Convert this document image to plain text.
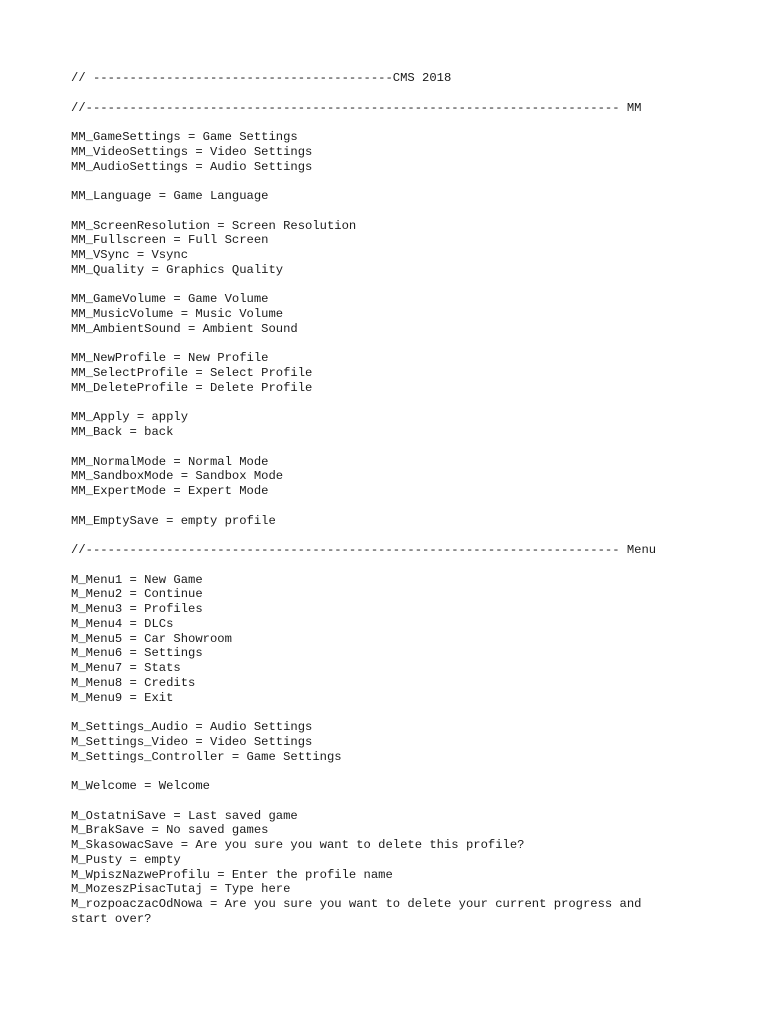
// -----------------------------------------CMS 2018
//------------------------------------------------------------------------- MM
MM_GameSettings = Game Settings
MM_VideoSettings = Video Settings
MM_AudioSettings = Audio Settings
MM_Language = Game Language
MM_ScreenResolution = Screen Resolution
MM_Fullscreen = Full Screen
MM_VSync = Vsync
MM_Quality = Graphics Quality
MM_GameVolume = Game Volume
MM_MusicVolume = Music Volume
MM_AmbientSound = Ambient Sound
MM_NewProfile = New Profile
MM_SelectProfile = Select Profile
MM_DeleteProfile = Delete Profile
MM_Apply = apply
MM_Back = back
MM_NormalMode = Normal Mode
MM_SandboxMode = Sandbox Mode
MM_ExpertMode = Expert Mode
MM_EmptySave = empty profile
//------------------------------------------------------------------------- Menu
M_Menu1 = New Game
M_Menu2 = Continue
M_Menu3 = Profiles
M_Menu4 = DLCs
M_Menu5 = Car Showroom
M_Menu6 = Settings
M_Menu7 = Stats
M_Menu8 = Credits
M_Menu9 = Exit
M_Settings_Audio = Audio Settings
M_Settings_Video = Video Settings
M_Settings_Controller = Game Settings
M_Welcome = Welcome
M_OstatniSave = Last saved game
M_BrakSave = No saved games
M_SkasowacSave = Are you sure you want to delete this profile?
M_Pusty = empty
M_WpiszNazweProfilu = Enter the profile name
M_MozeszPisacTutaj = Type here
M_rozpoaczacOdNowa = Are you sure you want to delete your current progress and start over?
